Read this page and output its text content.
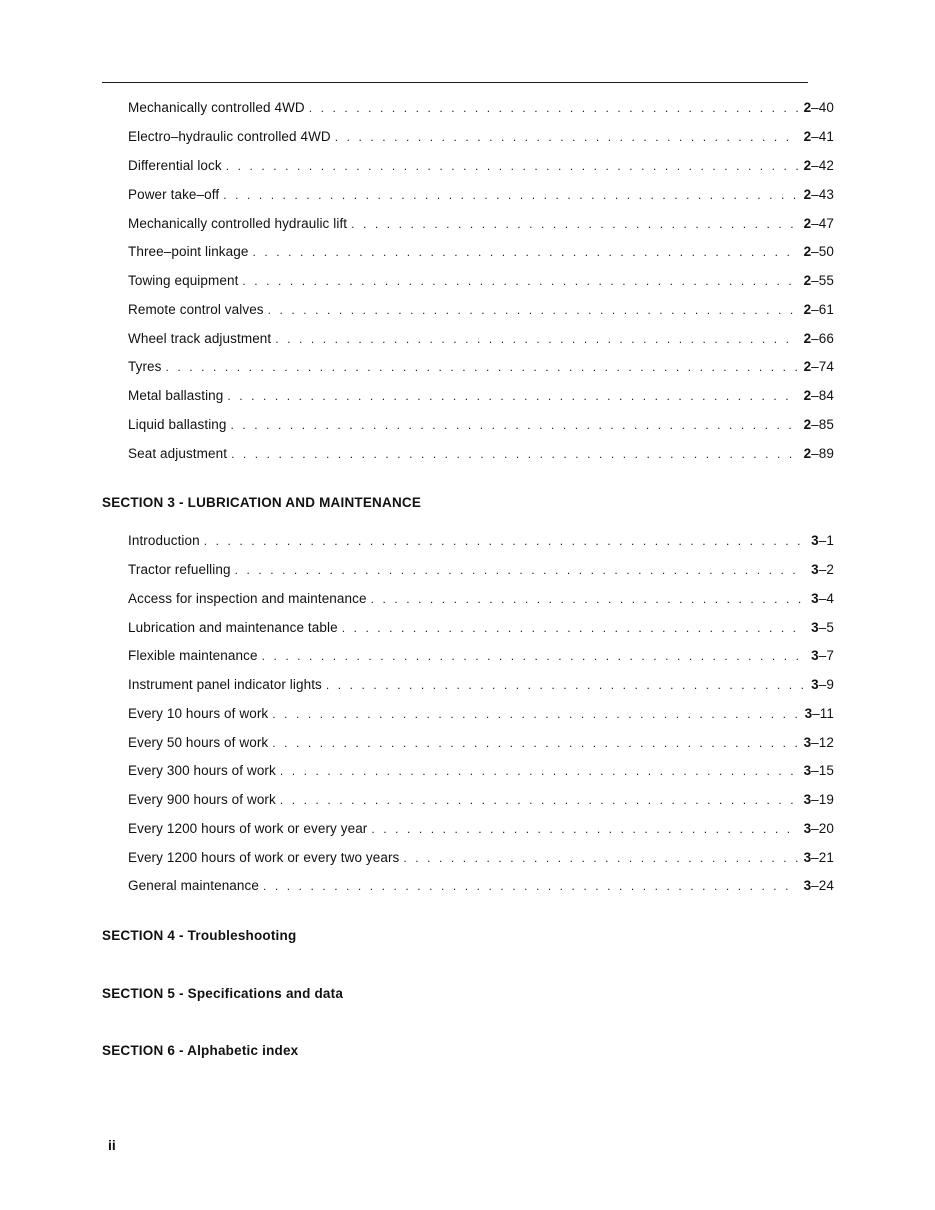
Mechanically controlled 4WD . . .	2–40
Electro–hydraulic controlled 4WD . . .	2–41
Differential lock . . .	2–42
Power take–off . . .	2–43
Mechanically controlled hydraulic lift . . .	2–47
Three–point linkage . . .	2–50
Towing equipment . . .	2–55
Remote control valves . . .	2–61
Wheel track adjustment . . .	2–66
Tyres . . .	2–74
Metal ballasting . . .	2–84
Liquid ballasting . . .	2–85
Seat adjustment . . .	2–89
SECTION 3 - LUBRICATION AND MAINTENANCE
Introduction . . .	3–1
Tractor refuelling . . .	3–2
Access for inspection and maintenance . . .	3–4
Lubrication and maintenance table . . .	3–5
Flexible maintenance . . .	3–7
Instrument panel indicator lights . . .	3–9
Every 10 hours of work . . .	3–11
Every 50 hours of work . . .	3–12
Every 300 hours of work . . .	3–15
Every 900 hours of work . . .	3–19
Every 1200 hours of work or every year . . .	3–20
Every 1200 hours of work or every two years . . .	3–21
General maintenance . . .	3–24
SECTION 4 - Troubleshooting
SECTION 5 - Specifications and data
SECTION 6 - Alphabetic index
ii
